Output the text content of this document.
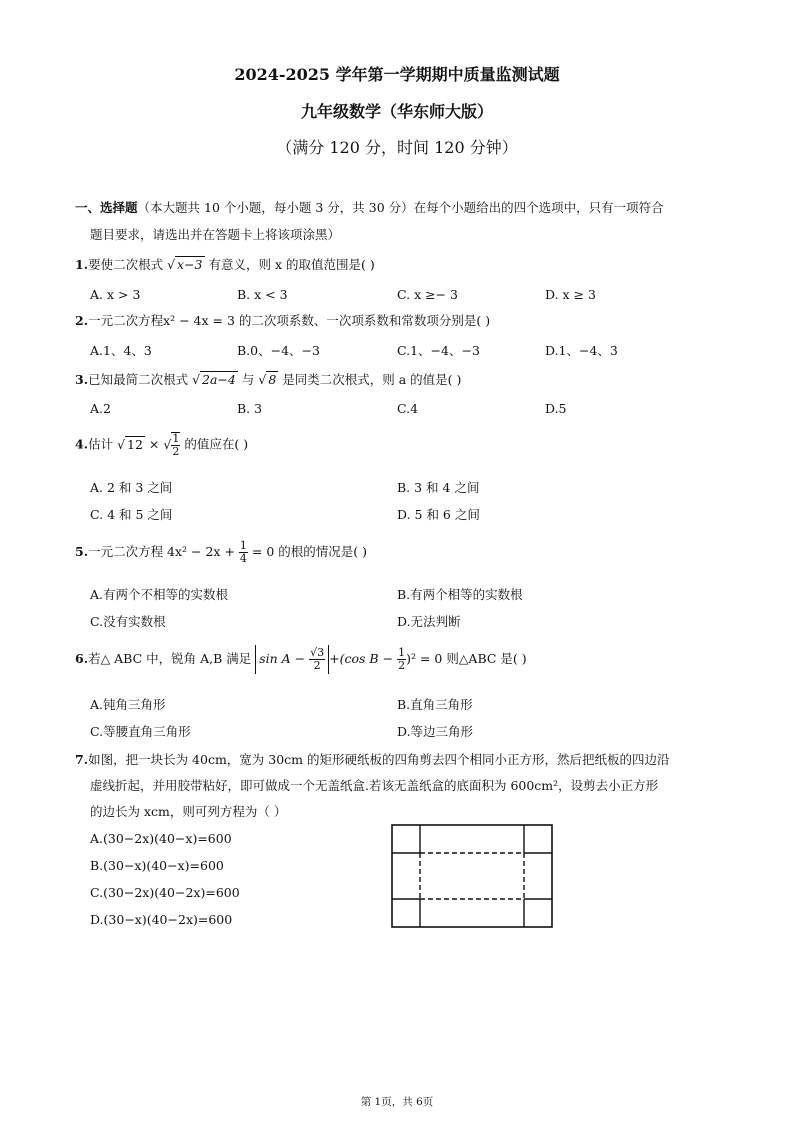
2024-2025 学年第一学期期中质量监测试题
九年级数学（华东师大版）
（满分 120 分，时间 120 分钟）
一、选择题（本大题共 10 个小题，每小题 3 分，共 30 分）在每个小题给出的四个选项中，只有一项符合
题目要求，请选出并在答题卡上将该项涂黑）
1.要使二次根式 √ x−3 有意义，则 x 的取值范围是( )
A. x > 3	B. x < 3	C. x ≥− 3	D. x ≥ 3
2.一元二次方程x² − 4x = 3 的二次项系数、一次项系数和常数项分别是( )
A.1、4、3	B.0、−4、−3	C.1、−4、−3	D.1、−4、3
3.已知最简二次根式 √ 2a−4 与 √ 8 是同类二次根式，则 a 的值是( )
A.2	B. 3	C.4	D.5
4.估计 √ 12 × √ $\frac{1}{2}$ 的值应在( )
A. 2 和 3 之间	B. 3 和 4 之间
C. 4 和 5 之间	D. 5 和 6 之间
5.一元二次方程 $4x^2 - 2x + \frac{1}{4} = 0$ 的根的情况是( )
A.有两个不相等的实数根	B.有两个相等的实数根
C.没有实数根	D.无法判断
6.若△ ABC 中，锐角 A,B 满足 $\sin A - \frac{√3}{2} +(\cos$ $B - \frac{1}{2} )^2 = 0$ 则△ABC 是( )
A.钝角三角形	B.直角三角形
C.等腰直角三角形	D.等边三角形
7.如图，把一块长为 40cm，宽为 30cm 的矩形硬纸板的四角剪去四个相同小正方形，然后把纸板的四边沿
虚线折起，并用胶带粘好，即可做成一个无盖纸盒.若该无盖纸盒的底面积为 600cm²，设剪去小正方形
的边长为 xcm，则可列方程为（ ）
A.(30−2x)(40−x)=600
B.(30−x)(40−x)=600
C.(30−2x)(40−2x)=600
D.(30−x)(40−2x)=600
第 1页，共 6页
